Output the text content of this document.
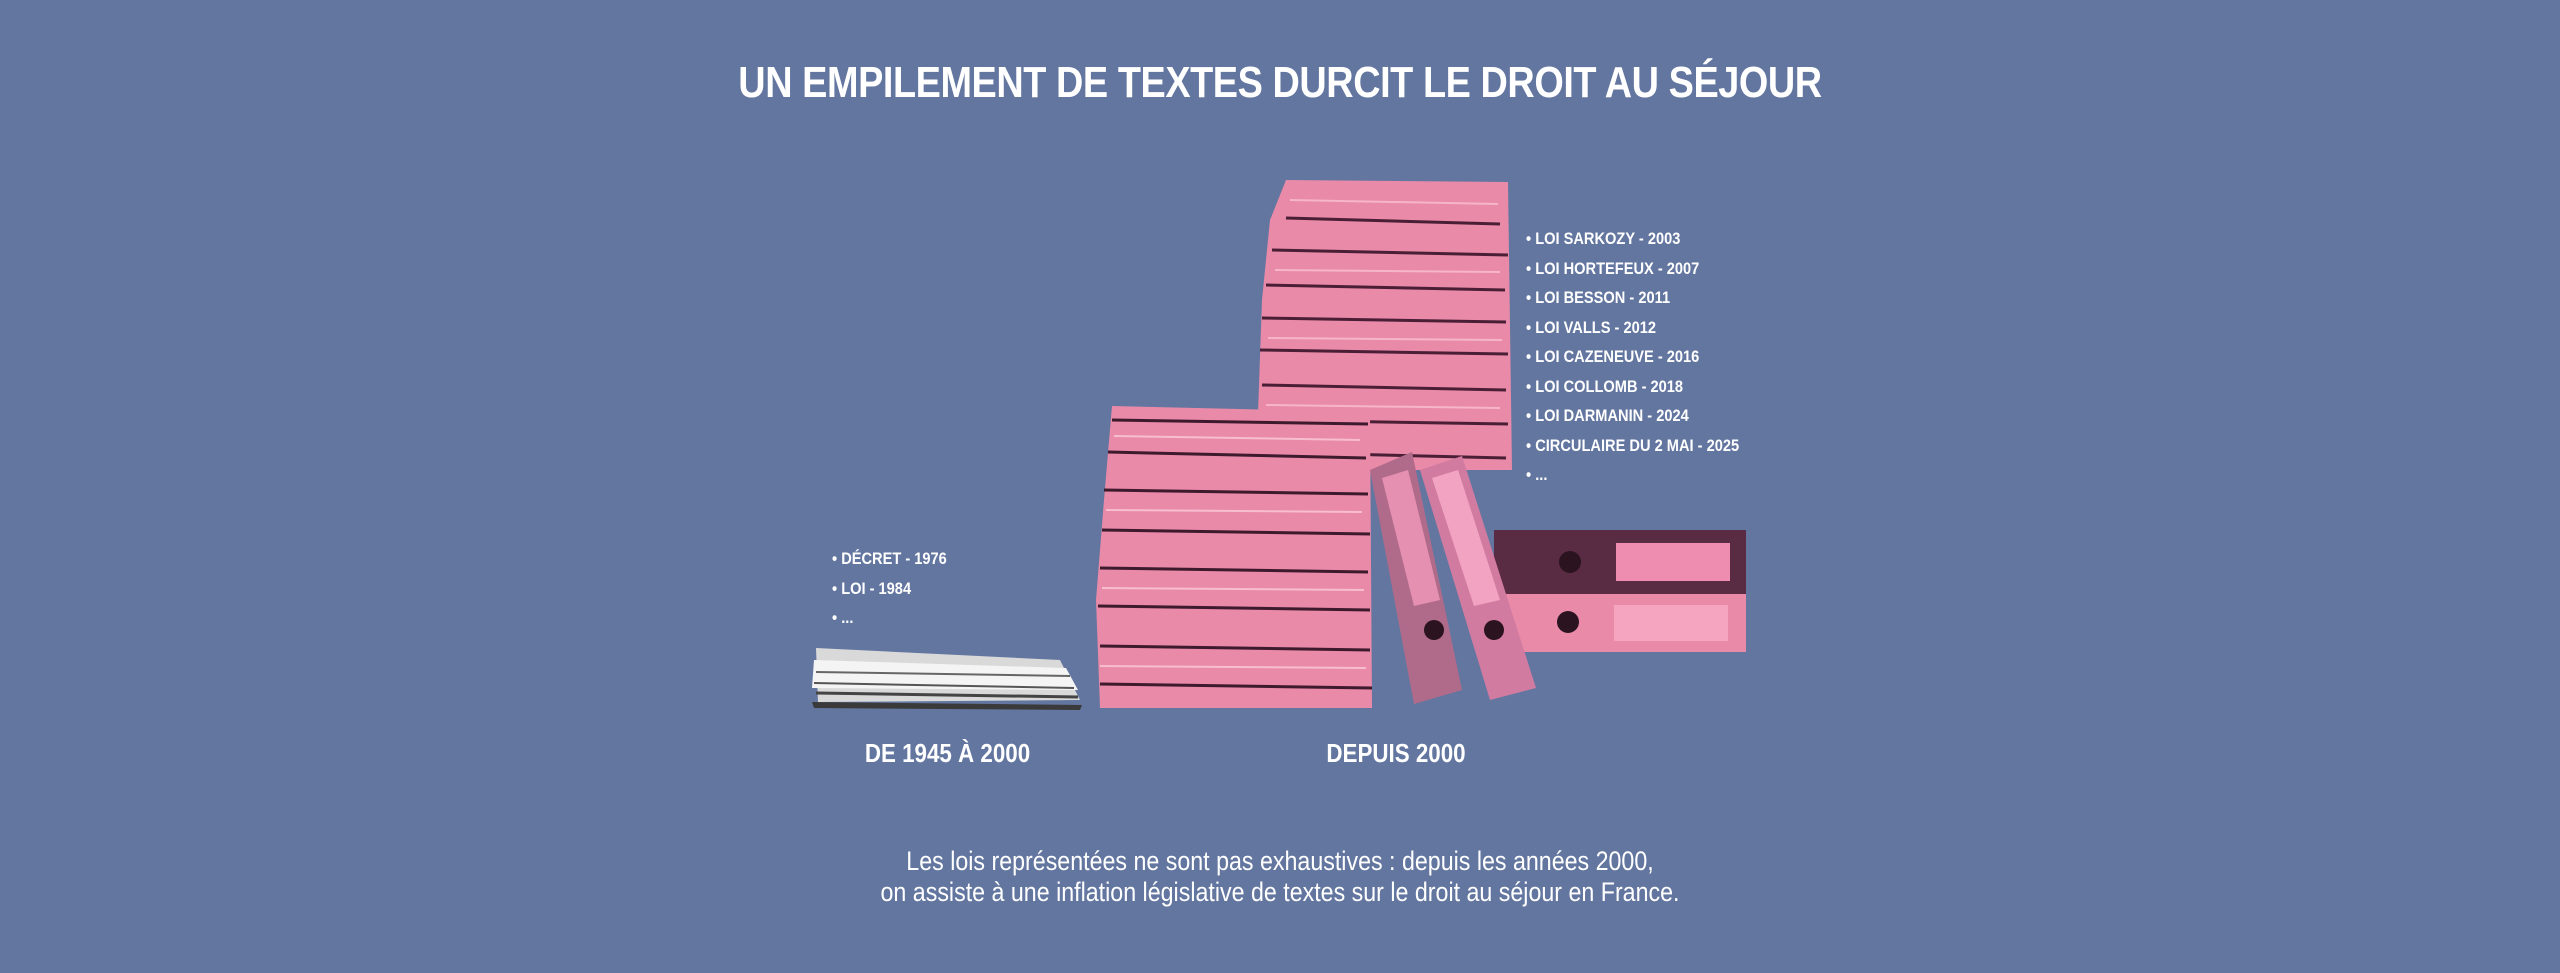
UN EMPILEMENT DE TEXTES DURCIT LE DROIT AU SÉJOUR
• DÉCRET - 1976
• LOI - 1984
• ...
• LOI SARKOZY - 2003
• LOI HORTEFEUX - 2007
• LOI BESSON - 2011
• LOI VALLS - 2012
• LOI CAZENEUVE - 2016
• LOI COLLOMB - 2018
• LOI DARMANIN - 2024
• CIRCULAIRE DU 2 MAI - 2025
• ...
DE 1945 À 2000	DEPUIS 2000
Les lois représentées ne sont pas exhaustives : depuis les années 2000,
on assiste à une inflation législative de textes sur le droit au séjour en France.
